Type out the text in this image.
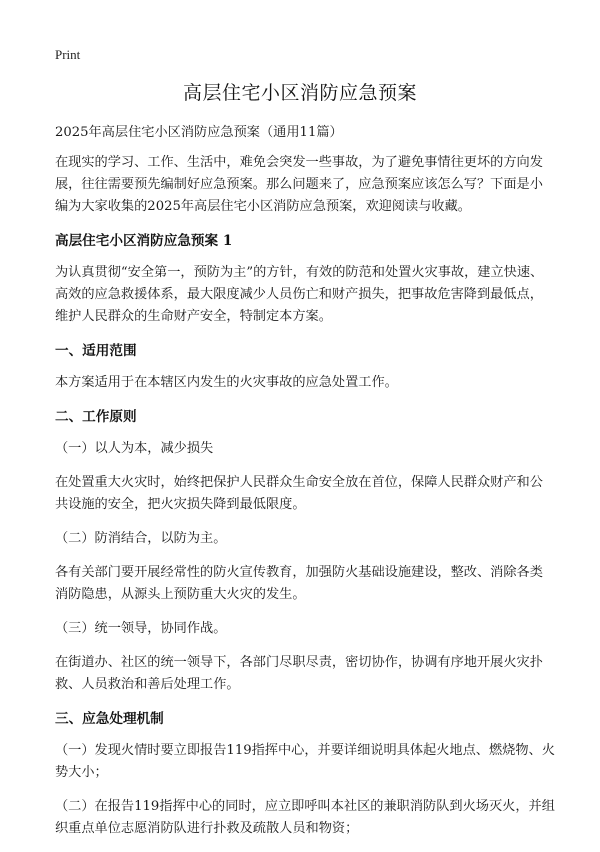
Print
高层住宅小区消防应急预案

2025年高层住宅小区消防应急预案（通用11篇）

在现实的学习、工作、生活中，难免会突发一些事故，为了避免事情往更坏的方向发展，往往需要预先编制好应急预案。那么问题来了，应急预案应该怎么写？下面是小编为大家收集的2025年高层住宅小区消防应急预案，欢迎阅读与收藏。

高层住宅小区消防应急预案 1

为认真贯彻“安全第一，预防为主”的方针，有效的防范和处置火灾事故，建立快速、高效的应急救援体系，最大限度减少人员伤亡和财产损失，把事故危害降到最低点，维护人民群众的生命财产安全，特制定本方案。

一、适用范围

本方案适用于在本辖区内发生的火灾事故的应急处置工作。

二、工作原则

（一）以人为本，减少损失

在处置重大火灾时，始终把保护人民群众生命安全放在首位，保障人民群众财产和公共设施的安全，把火灾损失降到最低限度。

（二）防消结合，以防为主。

各有关部门要开展经常性的防火宣传教育，加强防火基础设施建设，整改、消除各类消防隐患，从源头上预防重大火灾的发生。

（三）统一领导，协同作战。

在街道办、社区的统一领导下，各部门尽职尽责，密切协作，协调有序地开展火灾扑救、人员救治和善后处理工作。

三、应急处理机制

（一）发现火情时要立即报告119指挥中心，并要详细说明具体起火地点、燃烧物、火势大小；

（二）在报告119指挥中心的同时，应立即呼叫本社区的兼职消防队到火场灭火，并组织重点单位志愿消防队进行扑救及疏散人员和物资；
